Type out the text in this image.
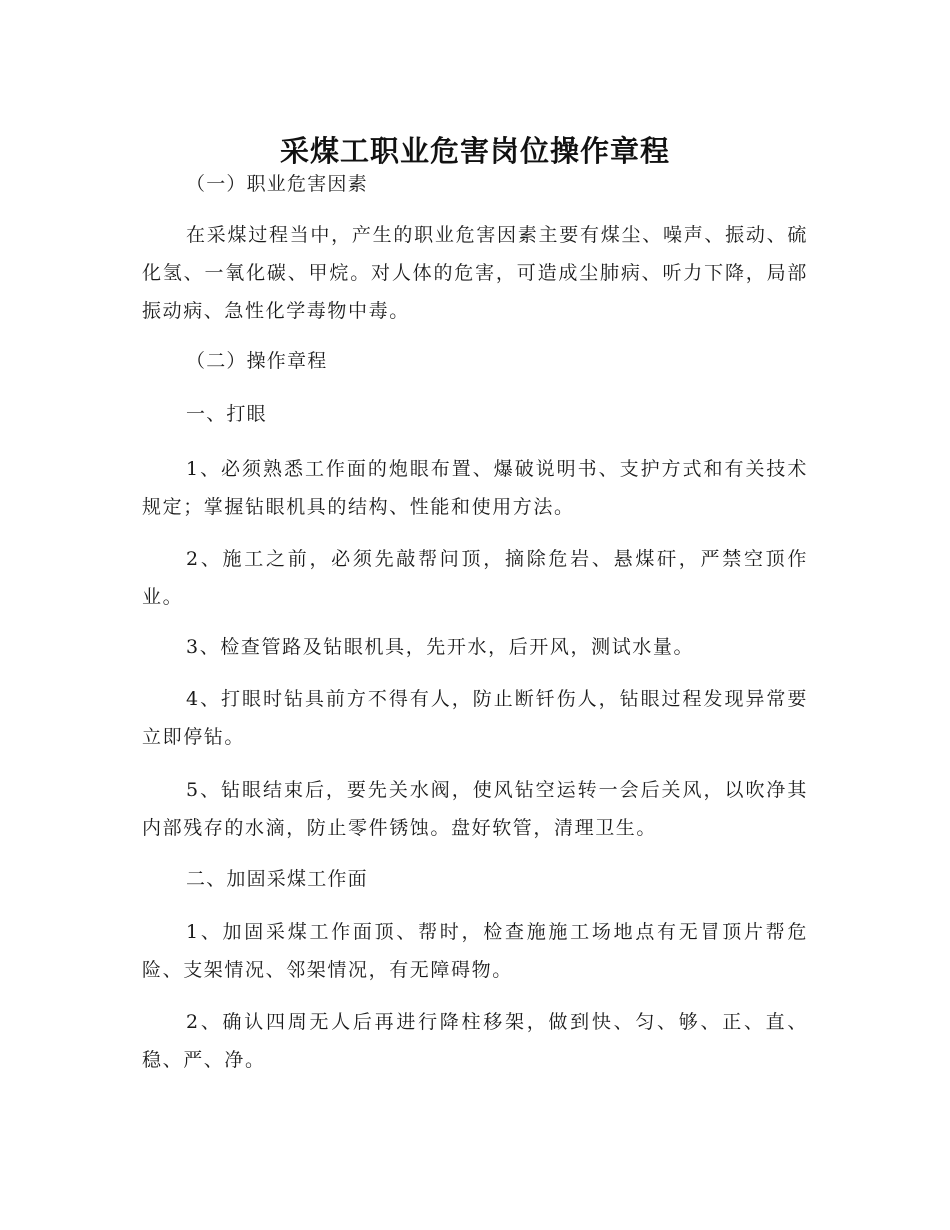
采煤工职业危害岗位操作章程

（一）职业危害因素

在采煤过程当中，产生的职业危害因素主要有煤尘、噪声、振动、硫化氢、一氧化碳、甲烷。对人体的危害，可造成尘肺病、听力下降，局部振动病、急性化学毒物中毒。

（二）操作章程

一、打眼

1、必须熟悉工作面的炮眼布置、爆破说明书、支护方式和有关技术规定；掌握钻眼机具的结构、性能和使用方法。

2、施工之前，必须先敲帮问顶，摘除危岩、悬煤矸，严禁空顶作业。

3、检查管路及钻眼机具，先开水，后开风，测试水量。

4、打眼时钻具前方不得有人，防止断钎伤人，钻眼过程发现异常要立即停钻。

5、钻眼结束后，要先关水阀，使风钻空运转一会后关风，以吹净其内部残存的水滴，防止零件锈蚀。盘好软管，清理卫生。

二、加固采煤工作面

1、加固采煤工作面顶、帮时，检查施施工场地点有无冒顶片帮危险、支架情况、邻架情况，有无障碍物。

2、确认四周无人后再进行降柱移架，做到快、匀、够、正、直、稳、严、净。
